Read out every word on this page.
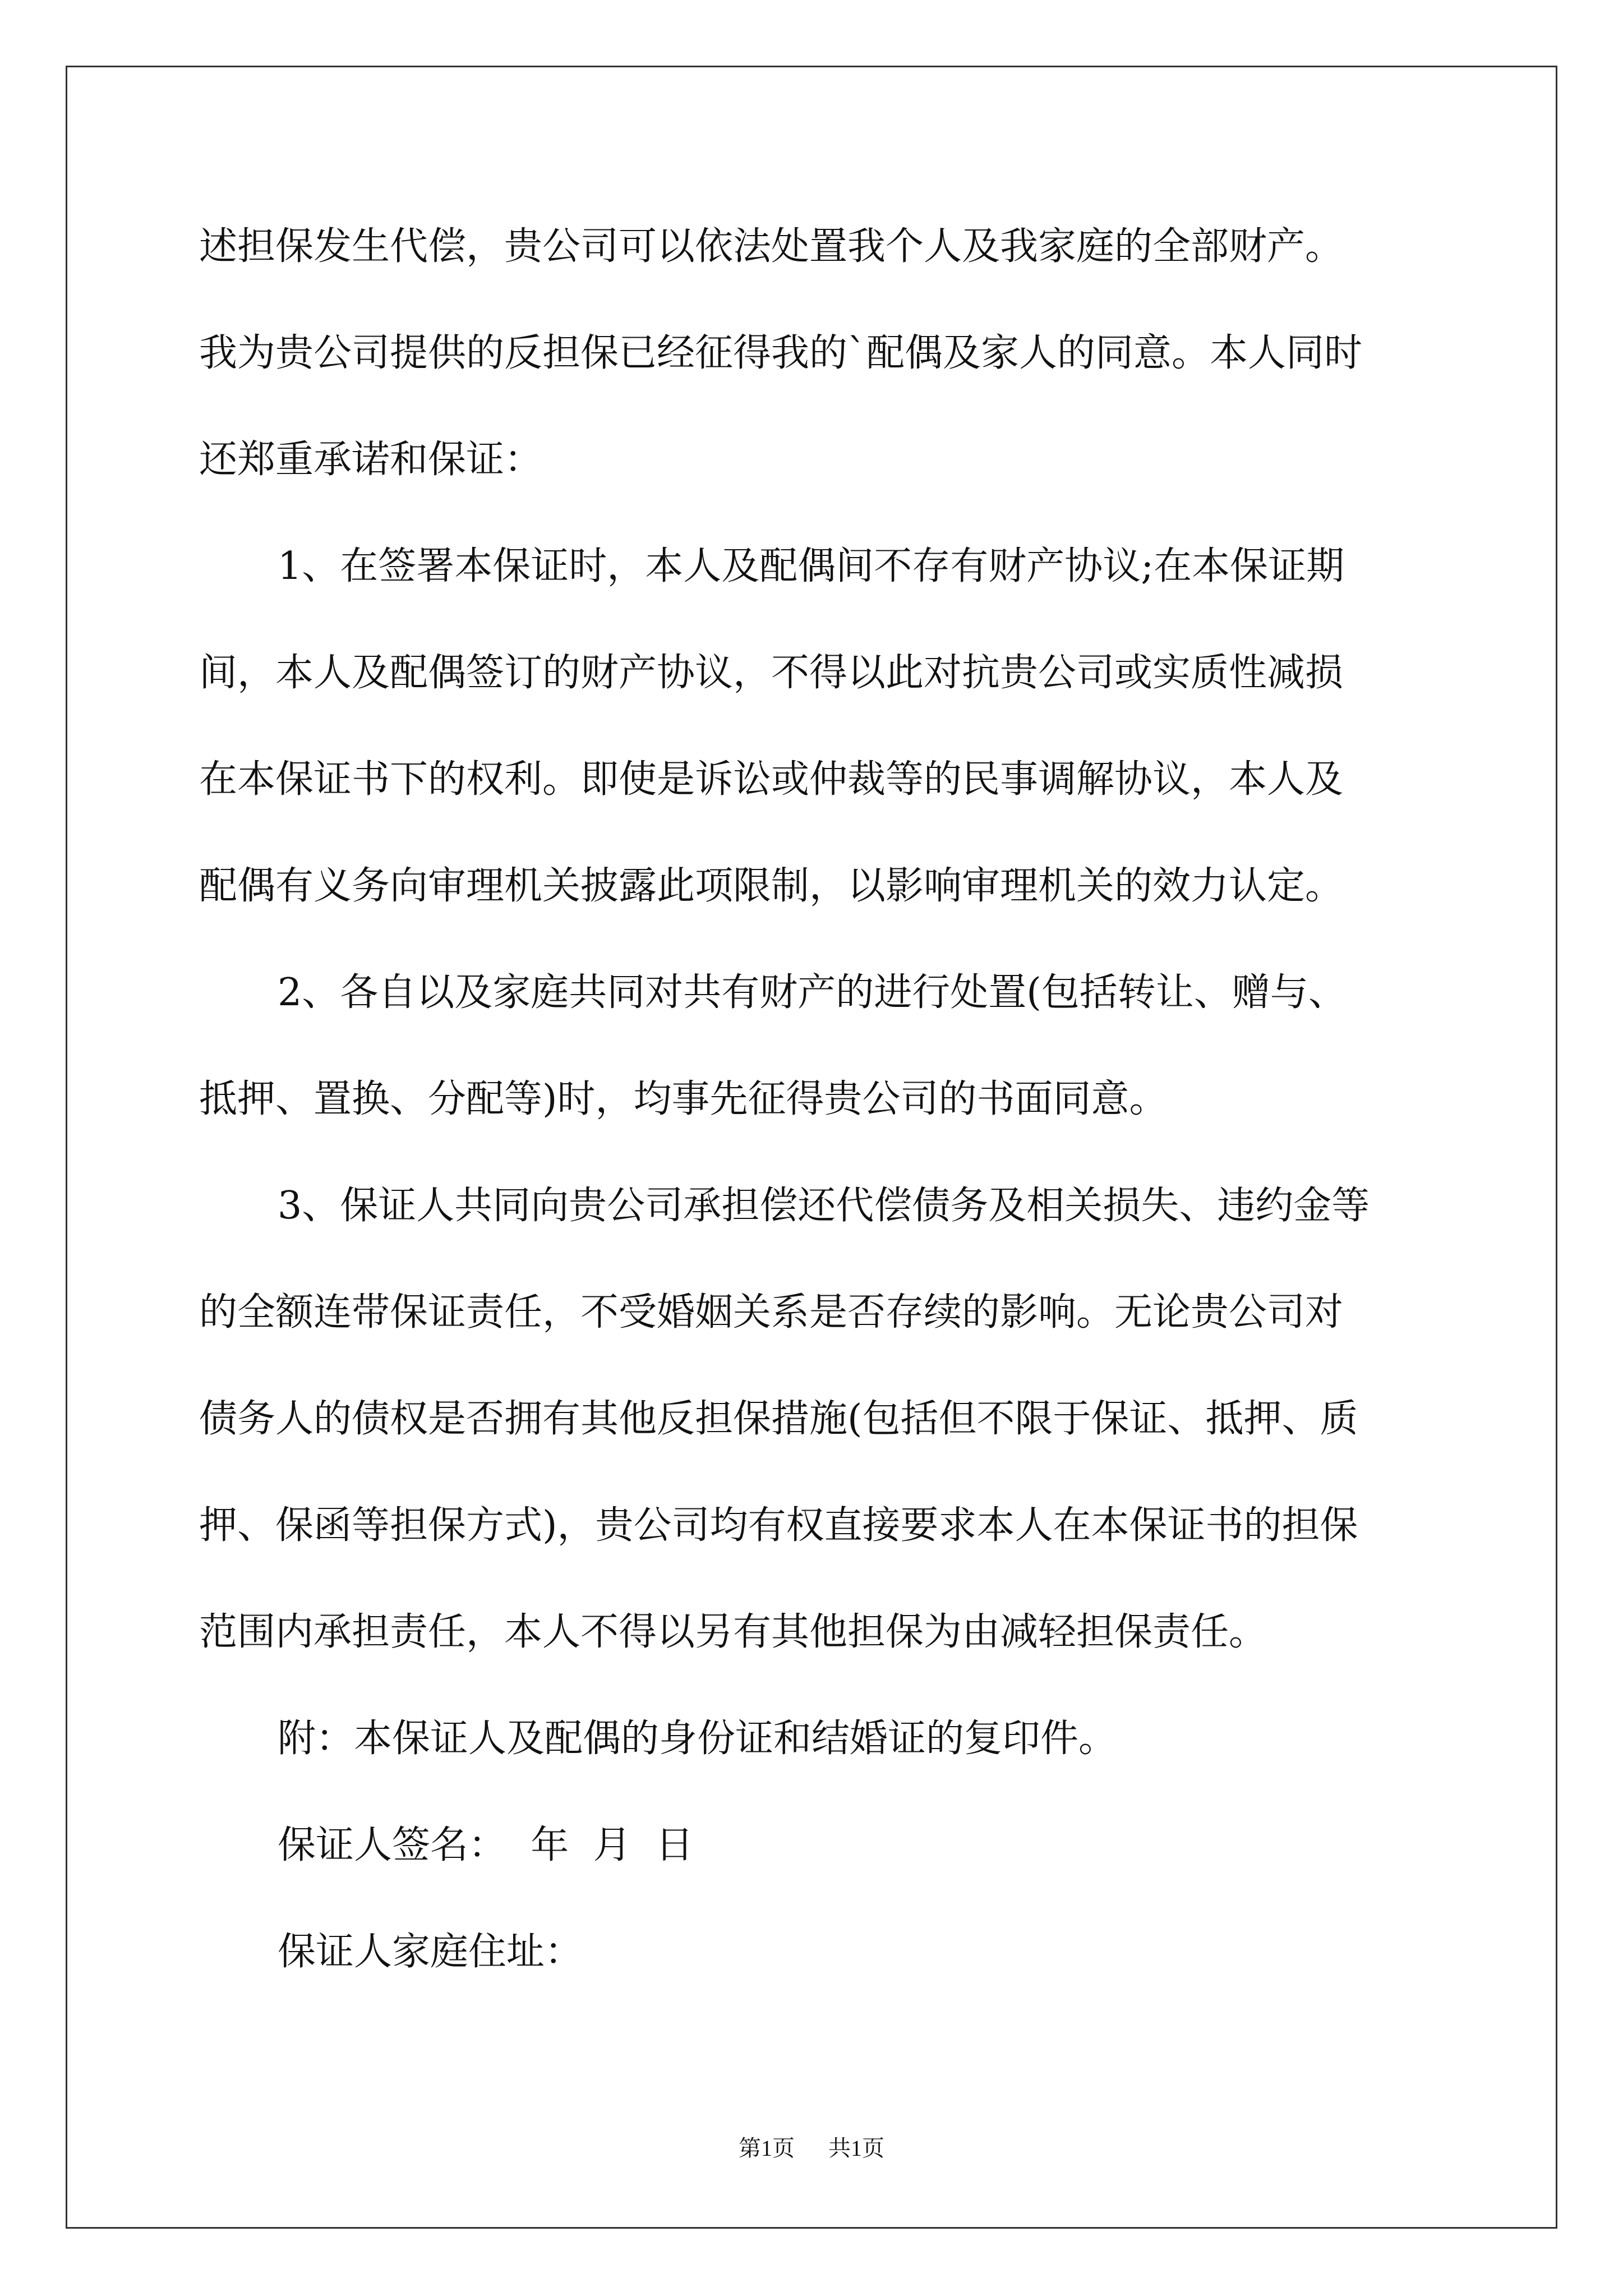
述担保发生代偿，贵公司可以依法处置我个人及我家庭的全部财产。
我为贵公司提供的反担保已经征得我的`配偶及家人的同意。本人同时
还郑重承诺和保证：
1、在签署本保证时，本人及配偶间不存有财产协议;在本保证期
间，本人及配偶签订的财产协议，不得以此对抗贵公司或实质性减损
在本保证书下的权利。即使是诉讼或仲裁等的民事调解协议，本人及
配偶有义务向审理机关披露此项限制，以影响审理机关的效力认定。
2、各自以及家庭共同对共有财产的进行处置(包括转让、赠与、
抵押、置换、分配等)时，均事先征得贵公司的书面同意。
3、保证人共同向贵公司承担偿还代偿债务及相关损失、违约金等
的全额连带保证责任，不受婚姻关系是否存续的影响。无论贵公司对
债务人的债权是否拥有其他反担保措施(包括但不限于保证、抵押、质
押、保函等担保方式)，贵公司均有权直接要求本人在本保证书的担保
范围内承担责任，本人不得以另有其他担保为由减轻担保责任。
附：本保证人及配偶的身份证和结婚证的复印件。
保证人签名：  年  月  日
保证人家庭住址：
第1页 共1页
